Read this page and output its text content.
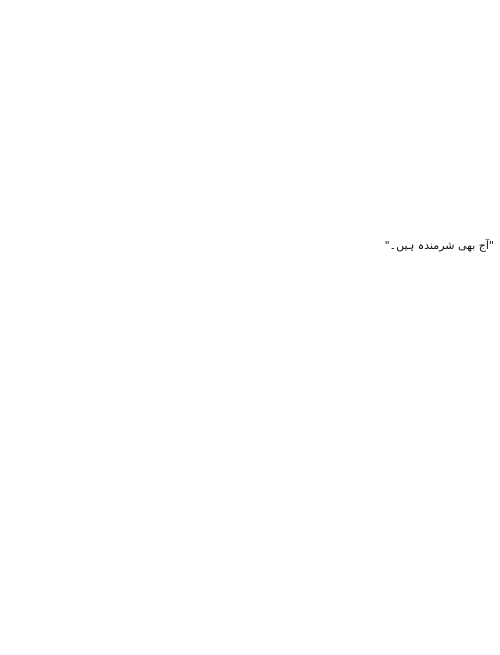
"آج بھی شرمندہ ہیں۔"
